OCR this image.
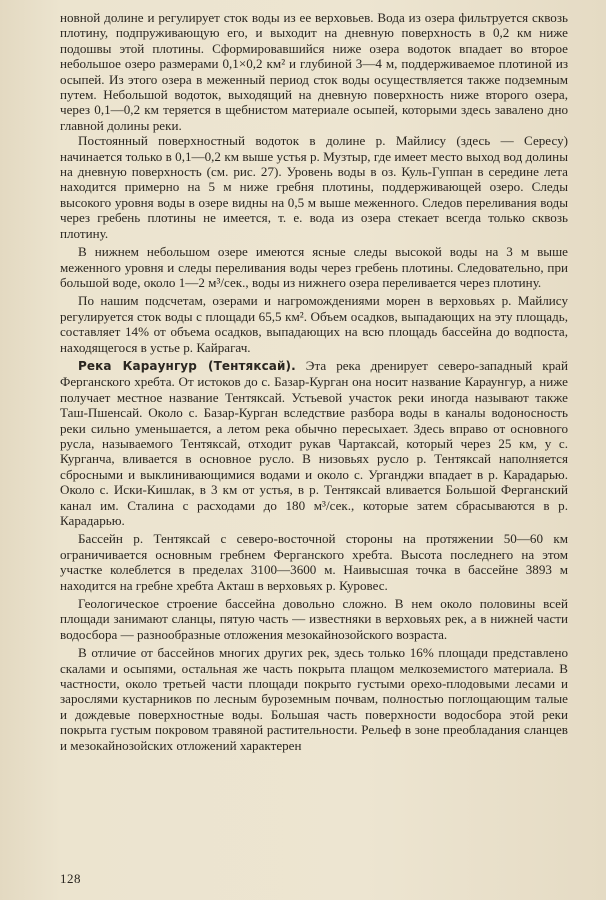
новной долине и регулирует сток воды из ее верховьев. Вода из озера фильтруется сквозь плотину, подпруживающую его, и выходит на дневную поверхность в 0,2 км ниже подошвы этой плотины. Сформировавшийся ниже озера водоток впадает во второе небольшое озеро размерами 0,1×0,2 км² и глубиной 3—4 м, поддерживаемое плотиной из осыпей. Из этого озера в меженный период сток воды осуществляется также подземным путем. Небольшой водоток, выходящий на дневную поверхность ниже второго озера, через 0,1—0,2 км теряется в щебнистом материале осыпей, которыми здесь завалено дно главной долины реки.

Постоянный поверхностный водоток в долине р. Майлису (здесь — Сересу) начинается только в 0,1—0,2 км выше устья р. Музтыр, где имеет место выход вод долины на дневную поверхность (см. рис. 27). Уровень воды в оз. Куль-Гуппан в середине лета находится примерно на 5 м ниже гребня плотины, поддерживающей озеро. Следы высокого уровня воды в озере видны на 0,5 м выше меженного. Следов переливания воды через гребень плотины не имеется, т. е. вода из озера стекает всегда только сквозь плотину.

В нижнем небольшом озере имеются ясные следы высокой воды на 3 м выше меженного уровня и следы переливания воды через гребень плотины. Следовательно, при большой воде, около 1—2 м³/сек., воды из нижнего озера переливается через плотину.

По нашим подсчетам, озерами и нагромождениями морен в верховьях р. Майлису регулируется сток воды с площади 65,5 км². Объем осадков, выпадающих на эту площадь, составляет 14% от объема осадков, выпадающих на всю площадь бассейна до водпоста, находящегося в устье р. Кайрагач.

Река Караунгур (Тентяксай). Эта река дренирует северо-западный край Ферганского хребта. От истоков до с. Базар-Курган она носит название Караунгур, а ниже получает местное название Тентяксай. Устьевой участок реки иногда называют также Таш-Пшенсай. Около с. Базар-Курган вследствие разбора воды в каналы водоносность реки сильно уменьшается, а летом река обычно пересыхает. Здесь вправо от основного русла, называемого Тентяксай, отходит рукав Чартаксай, который через 25 км, у с. Курганча, вливается в основное русло. В низовьях русло р. Тентяксай наполняется сбросными и выклинивающимися водами и около с. Урганджи впадает в р. Карадарью. Около с. Иски-Кишлак, в 3 км от устья, в р. Тентяксай вливается Большой Ферганский канал им. Сталина с расходами до 180 м³/сек., которые затем сбрасываются в р. Карадарью.

Бассейн р. Тентяксай с северо-восточной стороны на протяжении 50—60 км ограничивается основным гребнем Ферганского хребта. Высота последнего на этом участке колеблется в пределах 3100—3600 м. Наивысшая точка в бассейне 3893 м находится на гребне хребта Акташ в верховьях р. Куровес.

Геологическое строение бассейна довольно сложно. В нем около половины всей площади занимают сланцы, пятую часть — известняки в верховьях рек, а в нижней части водосбора — разнообразные отложения мезокайнозойского возраста.

В отличие от бассейнов многих других рек, здесь только 16% площади представлено скалами и осыпями, остальная же часть покрыта плащом мелкоземистого материала. В частности, около третьей части площади покрыто густыми орехо-плодовыми лесами и зарослями кустарников по лесным буроземным почвам, полностью поглощающим талые и дождевые поверхностные воды. Большая часть поверхности водосбора этой реки покрыта густым покровом травяной растительности. Рельеф в зоне преобладания сланцев и мезокайнозойских отложений характерен

128
